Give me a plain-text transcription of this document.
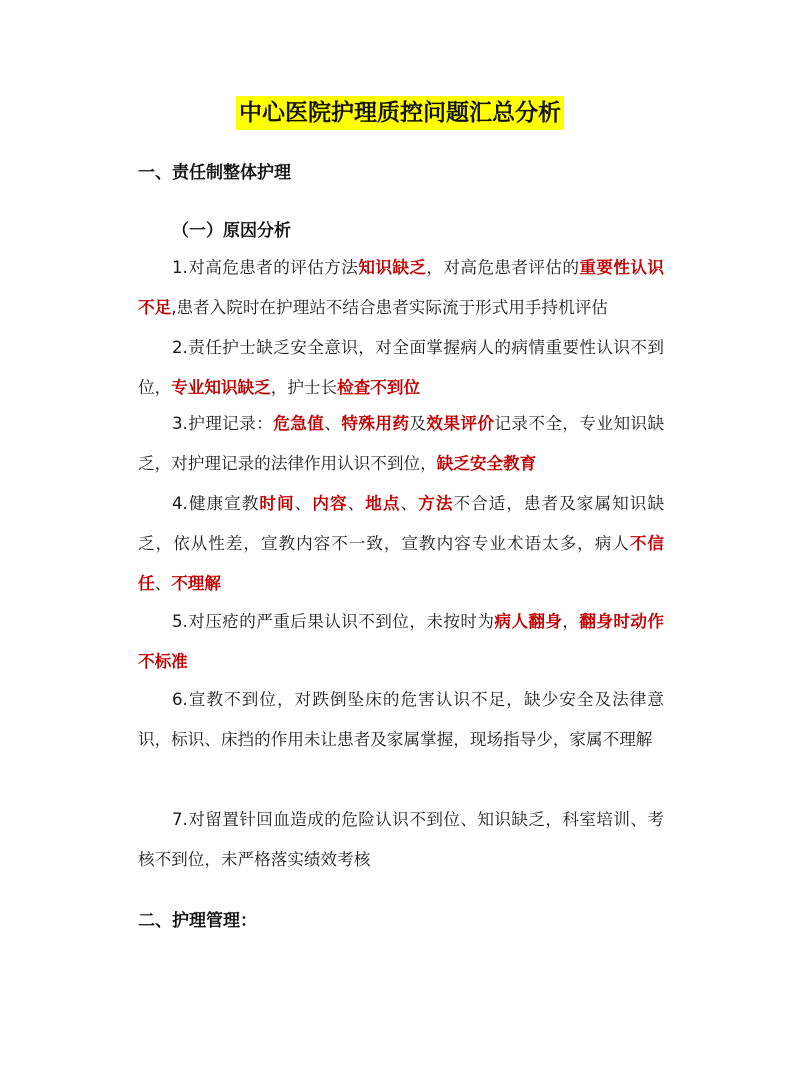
中心医院护理质控问题汇总分析
一、责任制整体护理
（一）原因分析
1.对高危患者的评估方法知识缺乏，对高危患者评估的重要性认识不足,患者入院时在护理站不结合患者实际流于形式用手持机评估
2.责任护士缺乏安全意识，对全面掌握病人的病情重要性认识不到位，专业知识缺乏，护士长检查不到位
3.护理记录：危急值、特殊用药及效果评价记录不全，专业知识缺乏，对护理记录的法律作用认识不到位，缺乏安全教育
4.健康宣教时间、内容、地点、方法不合适，患者及家属知识缺乏，依从性差，宣教内容不一致，宣教内容专业术语太多，病人不信任、不理解
5.对压疮的严重后果认识不到位，未按时为病人翻身，翻身时动作不标准
6.宣教不到位，对跌倒坠床的危害认识不足，缺少安全及法律意识，标识、床挡的作用未让患者及家属掌握，现场指导少，家属不理解
7.对留置针回血造成的危险认识不到位、知识缺乏，科室培训、考核不到位，未严格落实绩效考核
二、护理管理：
